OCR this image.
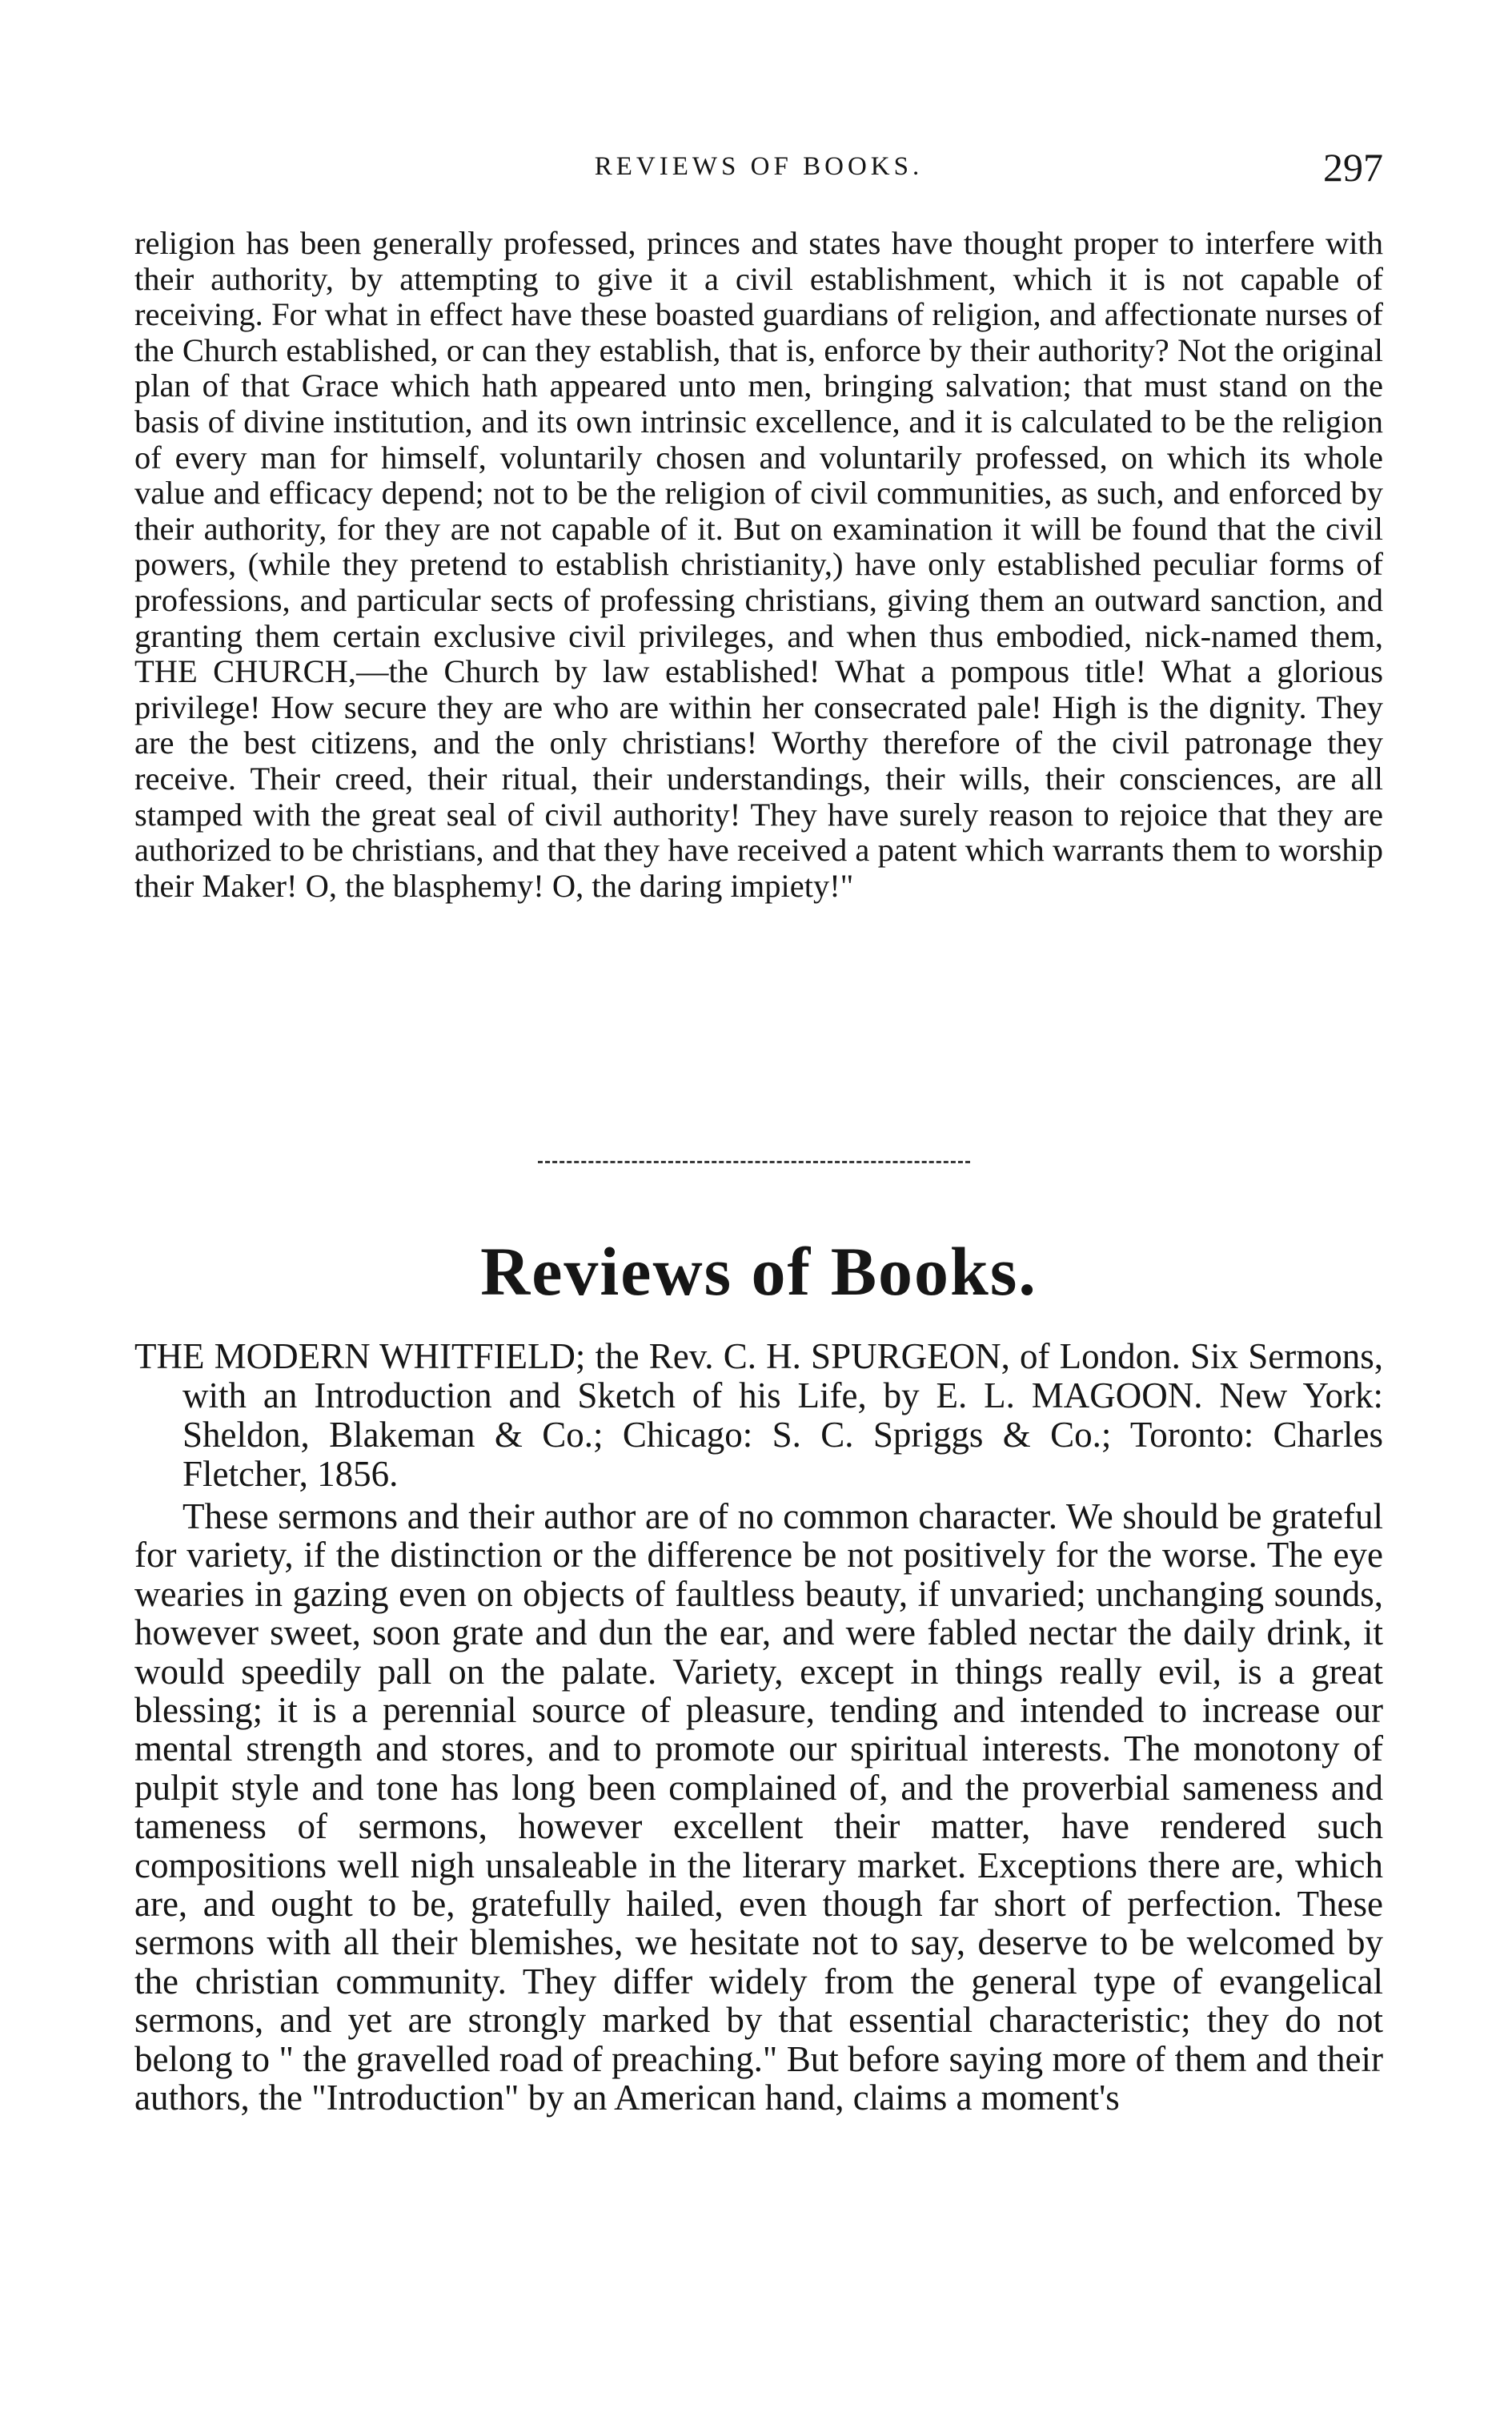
REVIEWS OF BOOKS.	297

religion has been generally professed, princes and states have thought proper to interfere with their authority, by attempting to give it a civil establishment, which it is not capable of receiving. For what in effect have these boasted guardians of religion, and affectionate nurses of the Church established, or can they establish, that is, enforce by their authority? Not the original plan of that Grace which hath appeared unto men, bringing salvation; that must stand on the basis of divine institution, and its own intrinsic excellence, and it is calculated to be the religion of every man for himself, voluntarily chosen and voluntarily professed, on which its whole value and efficacy depend; not to be the religion of civil communities, as such, and enforced by their authority, for they are not capable of it. But on examination it will be found that the civil powers, (while they pretend to establish christianity,) have only established peculiar forms of professions, and particular sects of professing christians, giving them an outward sanction, and granting them certain exclusive civil privileges, and when thus embodied, nick-named them, THE CHURCH,—the Church by law established! What a pompous title! What a glorious privilege! How secure they are who are within her consecrated pale! High is the dignity. They are the best citizens, and the only christians! Worthy therefore of the civil patronage they receive. Their creed, their ritual, their understandings, their wills, their consciences, are all stamped with the great seal of civil authority! They have surely reason to rejoice that they are authorized to be christians, and that they have received a patent which warrants them to worship their Maker! O, the blasphemy! O, the daring impiety!"

Reviews of Books.

THE MODERN WHITFIELD; the Rev. C. H. SPURGEON, of London. Six Sermons, with an Introduction and Sketch of his Life, by E. L. MAGOON. New York: Sheldon, Blakeman & Co.; Chicago: S. C. Spriggs & Co.; Toronto: Charles Fletcher, 1856.

These sermons and their author are of no common character. We should be grateful for variety, if the distinction or the difference be not positively for the worse. The eye wearies in gazing even on objects of faultless beauty, if unvaried; unchanging sounds, however sweet, soon grate and dun the ear, and were fabled nectar the daily drink, it would speedily pall on the palate. Variety, except in things really evil, is a great blessing; it is a perennial source of pleasure, tending and intended to increase our mental strength and stores, and to promote our spiritual interests. The monotony of pulpit style and tone has long been complained of, and the proverbial sameness and tameness of sermons, however excellent their matter, have rendered such compositions well nigh unsaleable in the literary market. Exceptions there are, which are, and ought to be, gratefully hailed, even though far short of perfection. These sermons with all their blemishes, we hesitate not to say, deserve to be welcomed by the christian community. They differ widely from the general type of evangelical sermons, and yet are strongly marked by that essential characteristic; they do not belong to " the gravelled road of preaching." But before saying more of them and their authors, the "Introduction" by an American hand, claims a moment's
